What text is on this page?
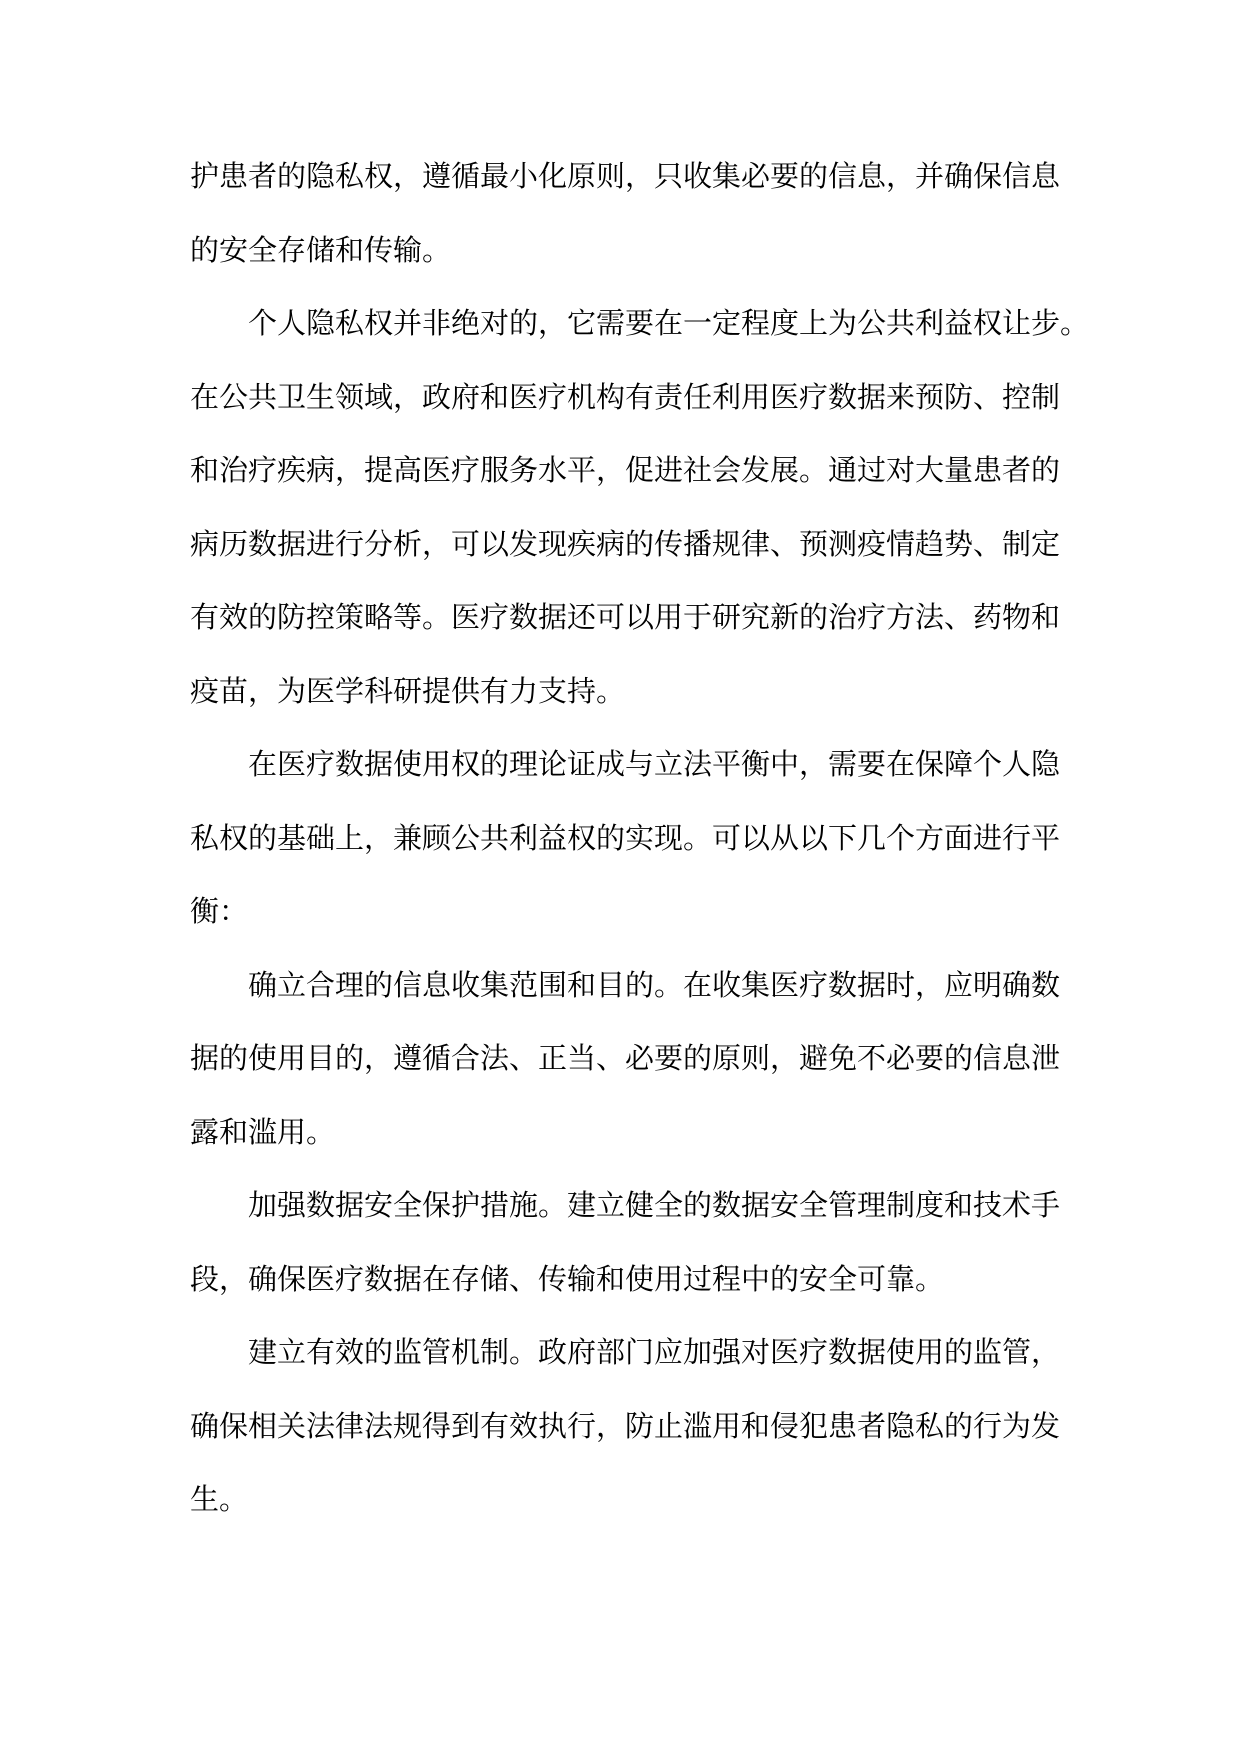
护患者的隐私权，遵循最小化原则，只收集必要的信息，并确保信息
的安全存储和传输。
个人隐私权并非绝对的，它需要在一定程度上为公共利益权让步。
在公共卫生领域，政府和医疗机构有责任利用医疗数据来预防、控制
和治疗疾病，提高医疗服务水平，促进社会发展。通过对大量患者的
病历数据进行分析，可以发现疾病的传播规律、预测疫情趋势、制定
有效的防控策略等。医疗数据还可以用于研究新的治疗方法、药物和
疫苗，为医学科研提供有力支持。
在医疗数据使用权的理论证成与立法平衡中，需要在保障个人隐
私权的基础上，兼顾公共利益权的实现。可以从以下几个方面进行平
衡：
确立合理的信息收集范围和目的。在收集医疗数据时，应明确数
据的使用目的，遵循合法、正当、必要的原则，避免不必要的信息泄
露和滥用。
加强数据安全保护措施。建立健全的数据安全管理制度和技术手
段，确保医疗数据在存储、传输和使用过程中的安全可靠。
建立有效的监管机制。政府部门应加强对医疗数据使用的监管，
确保相关法律法规得到有效执行，防止滥用和侵犯患者隐私的行为发
生。
